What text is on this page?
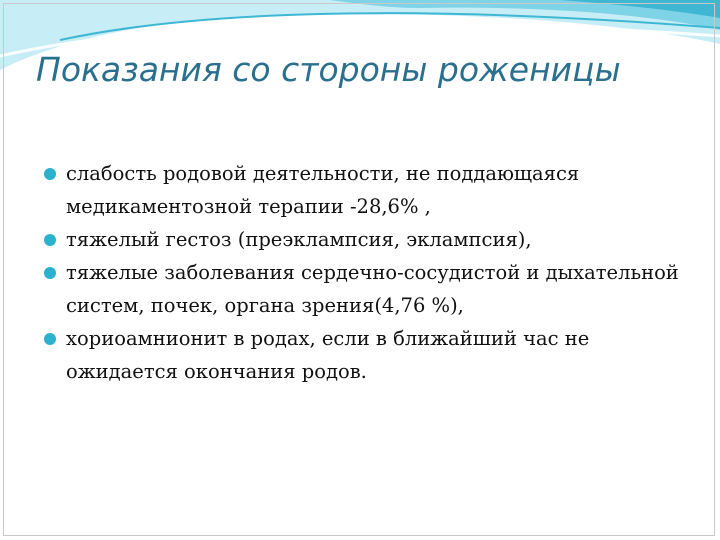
Показания со стороны роженицы
слабость родовой деятельности, не поддающаяся медикаментозной терапии -28,6% ,
тяжелый гестоз (преэклампсия, эклампсия),
тяжелые заболевания сердечно-сосудистой и дыхательной систем, почек, органа зрения(4,76 %),
хориоамнионит в родах, если в ближайший час не ожидается окончания родов.
